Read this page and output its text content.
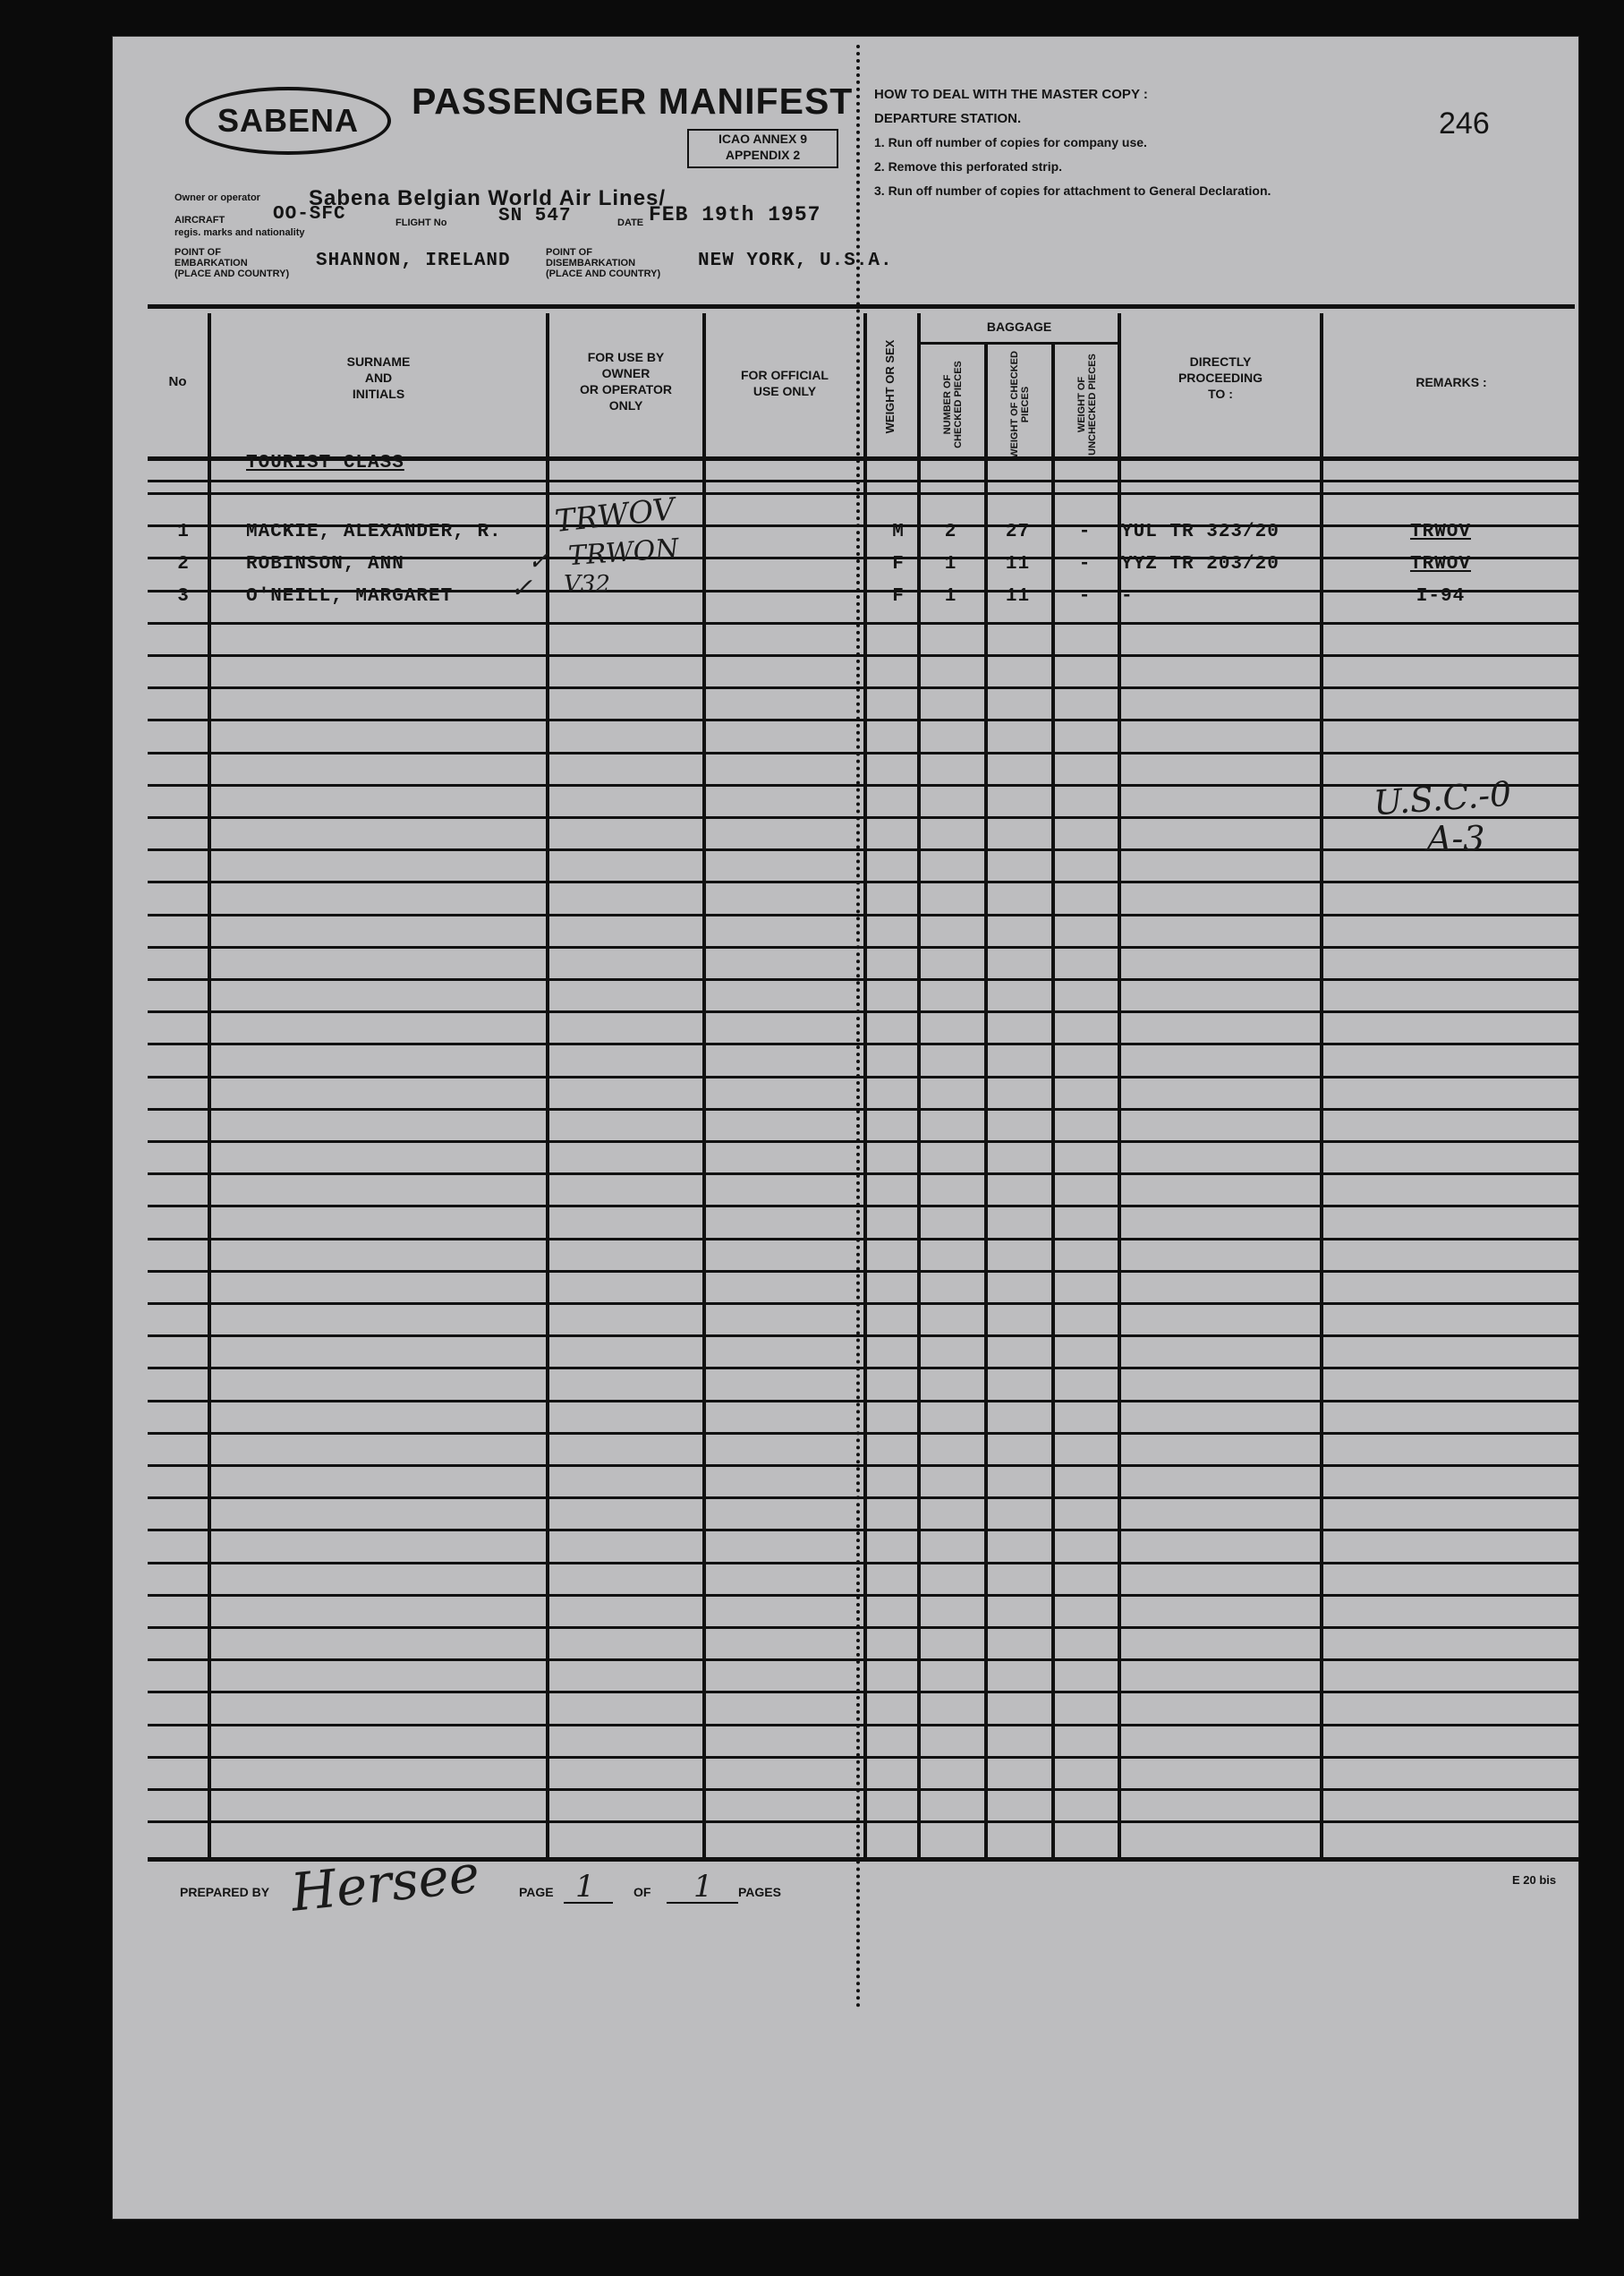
SABENA	PASSENGER MANIFEST
ICAO ANNEX 9
APPENDIX 2
246
HOW TO DEAL WITH THE MASTER COPY :
DEPARTURE STATION.
1. Run off number of copies for company use.
2. Remove this perforated strip.
3. Run off number of copies for attachment to General Declaration.
Owner or operator Sabena Belgian World Air Lines/
AIRCRAFT
regis. marks and nationality
OO-SFC	FLIGHT No	SN 547	DATE FEB 19th 1957
POINT OF
EMBARKATION
(PLACE AND COUNTRY)
SHANNON, IRELAND	POINT OF
DISEMBARKATION
(PLACE AND COUNTRY)
NEW YORK, U.S.A.
No
SURNAME
AND
INITIALS
FOR USE BY
OWNER
OR OPERATOR
ONLY
FOR OFFICIAL
USE ONLY	WEIGHT OR SEX
BAGGAGE
NUMBER OF CHECKED PIECES	WEIGHT OF CHECKED PIECES	WEIGHT OF UNCHECKED PIECES	DIRECTLY
PROCEEDING
TO :
REMARKS :
TOURIST CLASS
1	MACKIE, ALEXANDER, R.	M	2	27	-	YUL TR 323/20	TRWOV
2	ROBINSON, ANN	F	1	11	-	YYZ TR 203/20	TRWOV
3	O'NEILL, MARGARET	F	1	11	-	-	I-94
TRWOV
TRWON
V32
✓
✓
U.S.C.-0
A-3
PREPARED BY Hersee	PAGE 1	OF 1 PAGES
E 20 bis
